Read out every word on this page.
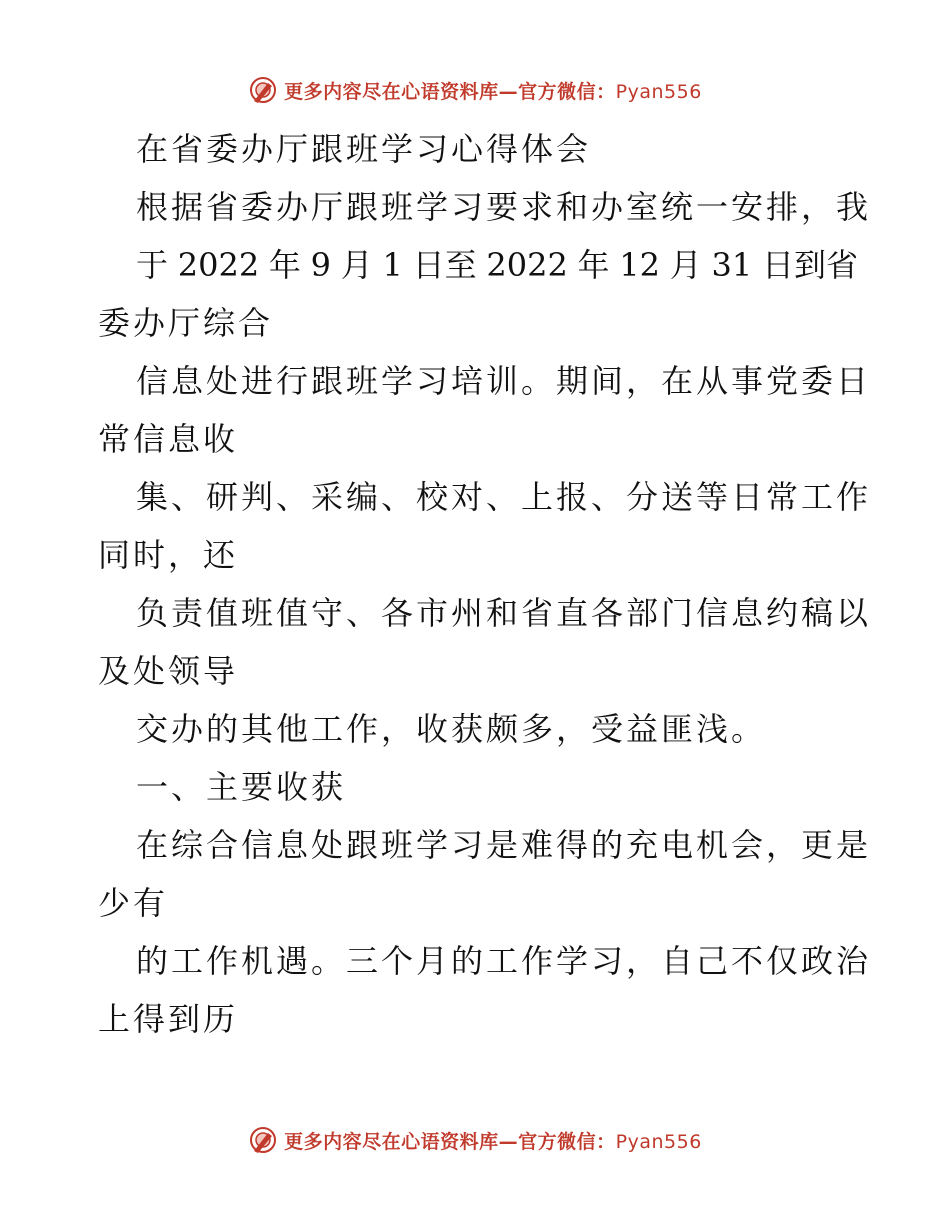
更多内容尽在心语资料库—官方微信：Pyan556
在省委办厅跟班学习心得体会
根据省委办厅跟班学习要求和办室统一安排，我
于 2022 年 9 月 1 日至 2022 年 12 月 31 日到省
委办厅综合
信息处进行跟班学习培训。期间，在从事党委日
常信息收
集、研判、采编、校对、上报、分送等日常工作
同时，还
负责值班值守、各市州和省直各部门信息约稿以
及处领导
交办的其他工作，收获颇多，受益匪浅。
一、主要收获
在综合信息处跟班学习是难得的充电机会，更是
少有
的工作机遇。三个月的工作学习，自己不仅政治
上得到历
更多内容尽在心语资料库—官方微信：Pyan556
